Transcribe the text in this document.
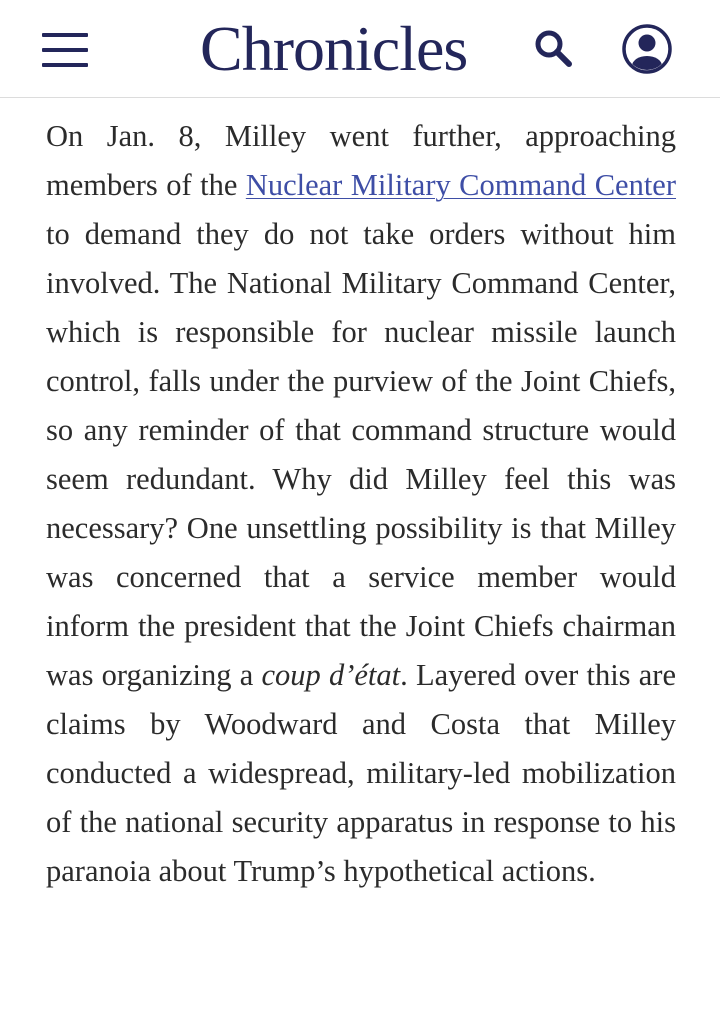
Chronicles

On Jan. 8, Milley went further, approaching members of the Nuclear Military Command Center to demand they do not take orders without him involved. The National Military Command Center, which is responsible for nuclear missile launch control, falls under the purview of the Joint Chiefs, so any reminder of that command structure would seem redundant. Why did Milley feel this was necessary? One unsettling possibility is that Milley was concerned that a service member would inform the president that the Joint Chiefs chairman was organizing a coup d’état. Layered over this are claims by Woodward and Costa that Milley conducted a widespread, military-led mobilization of the national security apparatus in response to his paranoia about Trump’s hypothetical actions.
